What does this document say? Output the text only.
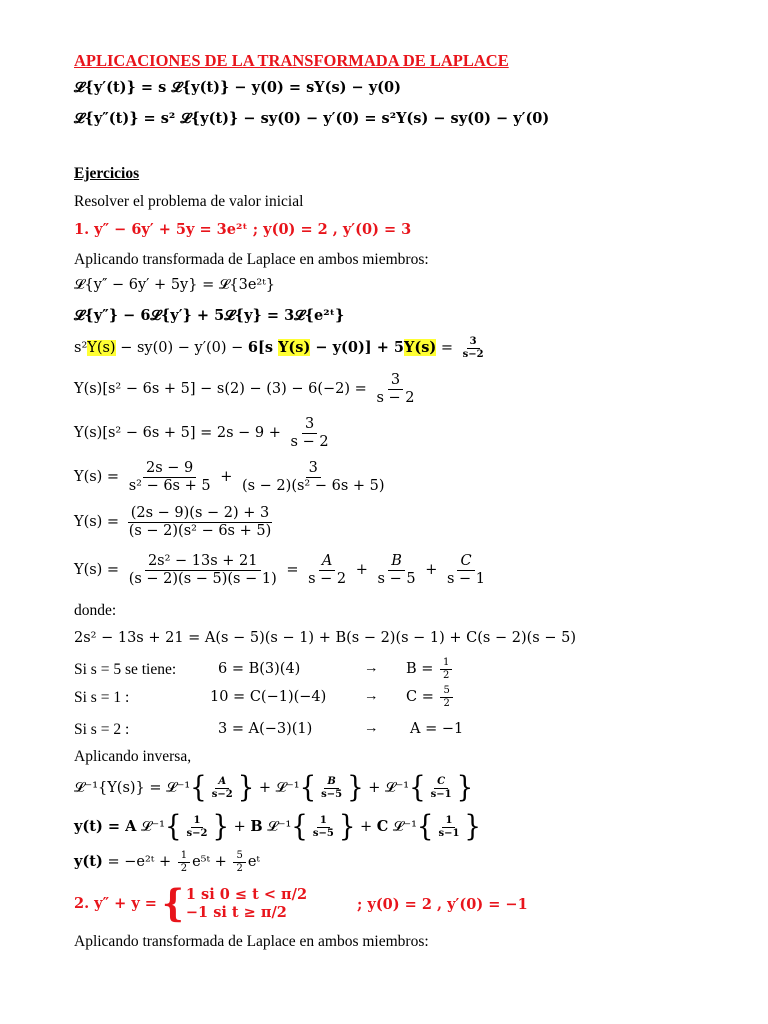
APLICACIONES DE LA TRANSFORMADA DE LAPLACE
𝓛{y′(t)} = s 𝓛{y(t)} − y(0) = sY(s) − y(0)
𝓛{y″(t)} = s² 𝓛{y(t)} − sy(0) − y′(0) = s²Y(s) − sy(0) − y′(0)
Ejercicios
Resolver el problema de valor inicial
1. y″ − 6y′ + 5y = 3e²ᵗ ; y(0) = 2 , y′(0) = 3
Aplicando transformada de Laplace en ambos miembros:
𝓛{y″ − 6y′ + 5y} = 𝓛{3e²ᵗ}
𝓛{y″} − 6𝓛{y′} + 5𝓛{y} = 3𝓛{e²ᵗ}
s²Y(s) − sy(0) − y′(0) − 6[s $Y(s) - y(0)] + 5Y(s) = \frac{3}{s-2}$
$Y(s)[s^2 - 6s + 5] - s(2) - (3) - 6(-2) = \frac{3}{s - 2}$
$Y(s)[s^2 - 6s + 5] = 2s - 9 + \frac{3}{s - 2}$
$Y(s) = \frac{2s - 9}{\text{s² − 6s + 5}} + \frac{3}{\text{(s − 2)(s² − 6s + 5)}}$
$Y(s) = \frac{(2s - 9)(s - 2) + 3}{\text{(s − 2)(s² − 6s + 5)}}$
$Y(s) = \frac{\text{2s² − 13s + 21}}{(s - 2)(s - 5)(s - 1)} = \frac{A}{s - 2} + \frac{B}{s - 5} + \frac{C}{s - 1}$
donde:
2s² − 13s + 21 = A(s − 5)(s − 1) + B(s − 2)(s − 1) + C(s − 2)(s − 5)
Si s = 5 se tiene:	6 = B(3)(4)	→ $B = \frac{1}{2}$
Si s = 1 :	10 = C(−1)(−4)	→ $C = \frac{5}{2}$
Si s = 2 :	3 = A(−3)(1)	→ A = −1
Aplicando inversa,
𝓛⁻¹{Y(s)} = 𝓛⁻¹ { $\frac{A}{s-2}$ } + 𝓛⁻¹ { $\frac{B}{s-5}$ } + 𝓛⁻¹ { $\frac{C}{s-1}$ }
y(t) = A 𝓛⁻¹ { $\frac{1}{s-2}$ } + B 𝓛⁻¹ { $\frac{1}{s-5}$ } + C 𝓛⁻¹ { $\frac{1}{s-1}$ }
y(t) = −e²ᵗ + $\frac{1}{2}$ e⁵ᵗ + $\frac{5}{2}$ eᵗ
2. y″ + y = { 1 si 0 ≤ t < π/2
−1 si t ≥ π/2	; y(0) = 2 , y′(0) = −1
Aplicando transformada de Laplace en ambos miembros:
